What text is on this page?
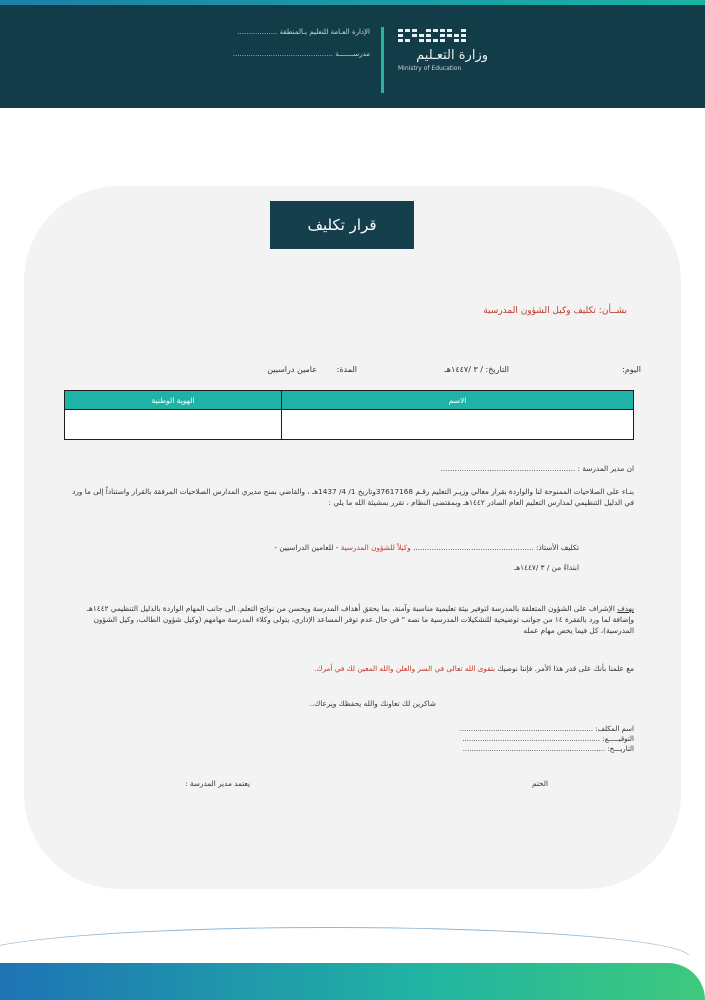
الإدارة العـامة للتعليم بـالمنطقة ..................
مدرســـــــة .............................................	وزارة التعـليم
Ministry of Education
قرار تكليف
بشــأن: تكليف وكيل الشؤون المدرسية
اليوم:
التاريخ: / ٣ /١٤٤٧هـ
المدة:
عامين دراسيين
الاسم	الهوية الوطنية

ان مدير المدرسة : ..........................................................
بنـاء على الصلاحيات الممنوحة لنا والواردة بقرار معالي وزيـر التعليم رقـم 37617168وتاريخ 1/ 4/ 1437هـ ، والقاضي بمنح مديري المدارس الصلاحيات المرفقة بالقرار واستناداً إلى ما ورد في الدليل التنظيمي لمدارس التعليم العام الصادر ١٤٤٢هـ وبمقتضى النظام ، تقرر بمشيئة الله ما يلي :
تكليف الأستاذ: .................................................... وكيلاً للشؤون المدرسية - للعامين الدراسيين -
ابتداءً من / ٣ /١٤٤٧هـ
يهدف الإشراف على الشؤون المتعلقة بالمدرسة لتوفير بيئة تعليمية مناسبة وآمنة، بما يحقق أهداف المدرسة ويحسن من نواتج التعلم. الى جانب المهام الواردة بالدليل التنظيمي ١٤٤٢هـ وإضافة لما ورد بالفقرة ١٤ من جوانب توضيحية للتشكيلات المدرسية ما نصه " في حال عدم توفر المساعد الإداري، يتولى وكلاء المدرسة مهامهم (وكيل شؤون الطالب، وكيل الشؤون المدرسية)، كل فيما يخص مهام عمله
مع علمنا بأنك على قدر هذا الأمر. فإننا نوصيك بتقوى الله تعالى في السر والعلن والله المعين لك في أمرك.
شاكرين لك تعاونك والله يحفظك ويرعاك..
اسم المكلف: ............................................................
التوقيـــــع: ..............................................................
التاريـــخ: ................................................................
الختم
يعتمد مدير المدرسة :
